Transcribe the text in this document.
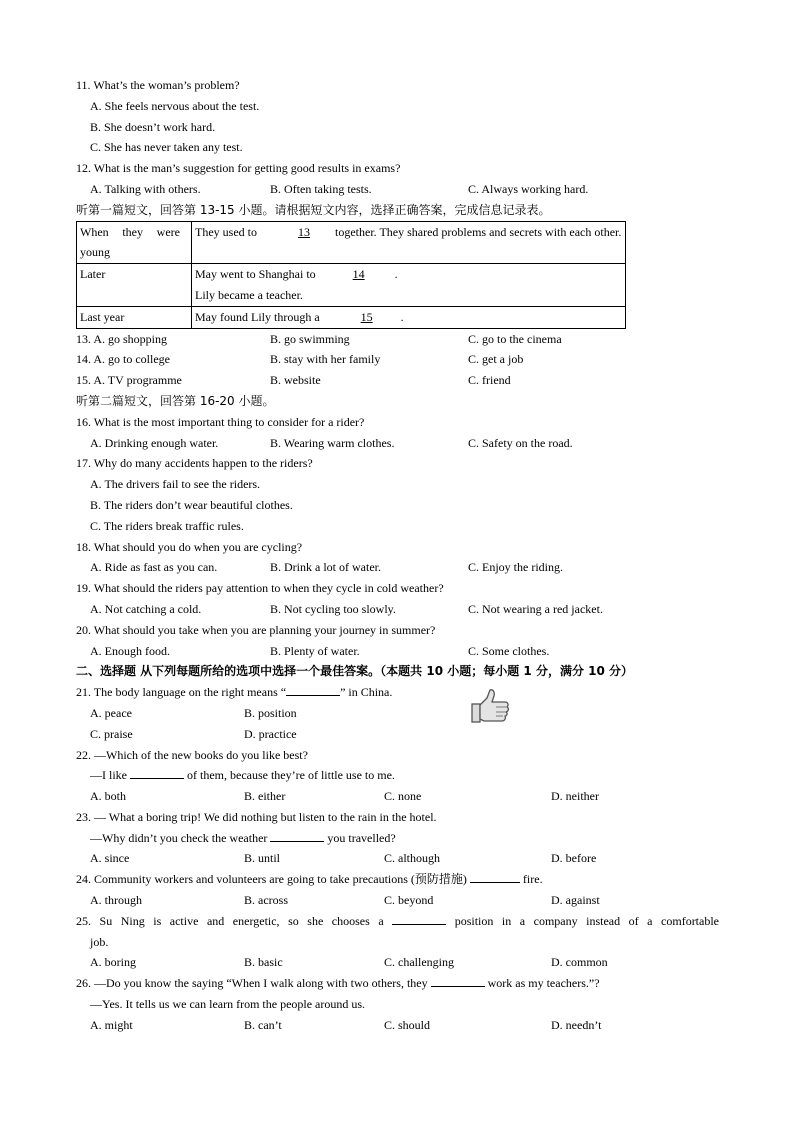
11. What’s the woman’s problem?
A. She feels nervous about the test.
B. She doesn’t work hard.
C. She has never taken any test.
12. What is the man’s suggestion for getting good results in exams?
A. Talking with others.	B. Often taking tests.	C. Always working hard.
听第一篇短文，回答第 13-15 小题。请根据短文内容，选择正确答案，完成信息记录表。
When they were young	They used to 13 together. They shared problems and secrets with each other.

Later	May went to Shanghai to 14 .
Lily became a teacher.

Last year	May found Lily through a 15 .
13. A. go shopping	B. go swimming	C. go to the cinema
14. A. go to college	B. stay with her family	C. get a job
15. A. TV programme	B. website	C. friend
听第二篇短文，回答第 16-20 小题。
16. What is the most important thing to consider for a rider?
A. Drinking enough water.	B. Wearing warm clothes.	C. Safety on the road.
17. Why do many accidents happen to the riders?
A. The drivers fail to see the riders.
B. The riders don’t wear beautiful clothes.
C. The riders break traffic rules.
18. What should you do when you are cycling?
A. Ride as fast as you can.	B. Drink a lot of water.	C. Enjoy the riding.
19. What should the riders pay attention to when they cycle in cold weather?
A. Not catching a cold.	B. Not cycling too slowly.	C. Not wearing a red jacket.
20. What should you take when you are planning your journey in summer?
A. Enough food.	B. Plenty of water.	C. Some clothes.
二、选择题 从下列每题所给的选项中选择一个最佳答案。（本题共 10 小题；每小题 1 分，满分 10 分）
21. The body language on the right means “	” in China.
A. peace	B. position
C. praise	D. practice
22. —Which of the new books do you like best?
—I like	of them, because they’re of little use to me.
A. both	B. either	C. none	D. neither
23. — What a boring trip! We did nothing but listen to the rain in the hotel.
—Why didn’t you check the weather	you travelled?
A. since	B. until	C. although	D. before
24. Community workers and volunteers are going to take precautions (预防措施)	fire.
A. through	B. across	C. beyond	D. against
25. Su Ning is active and energetic, so she chooses a	position in a company instead of a comfortable
job.
A. boring	B. basic	C. challenging	D. common
26. —Do you know the saying “When I walk along with two others, they	work as my teachers.”?
—Yes. It tells us we can learn from the people around us.
A. might	B. can’t	C. should	D. needn’t
